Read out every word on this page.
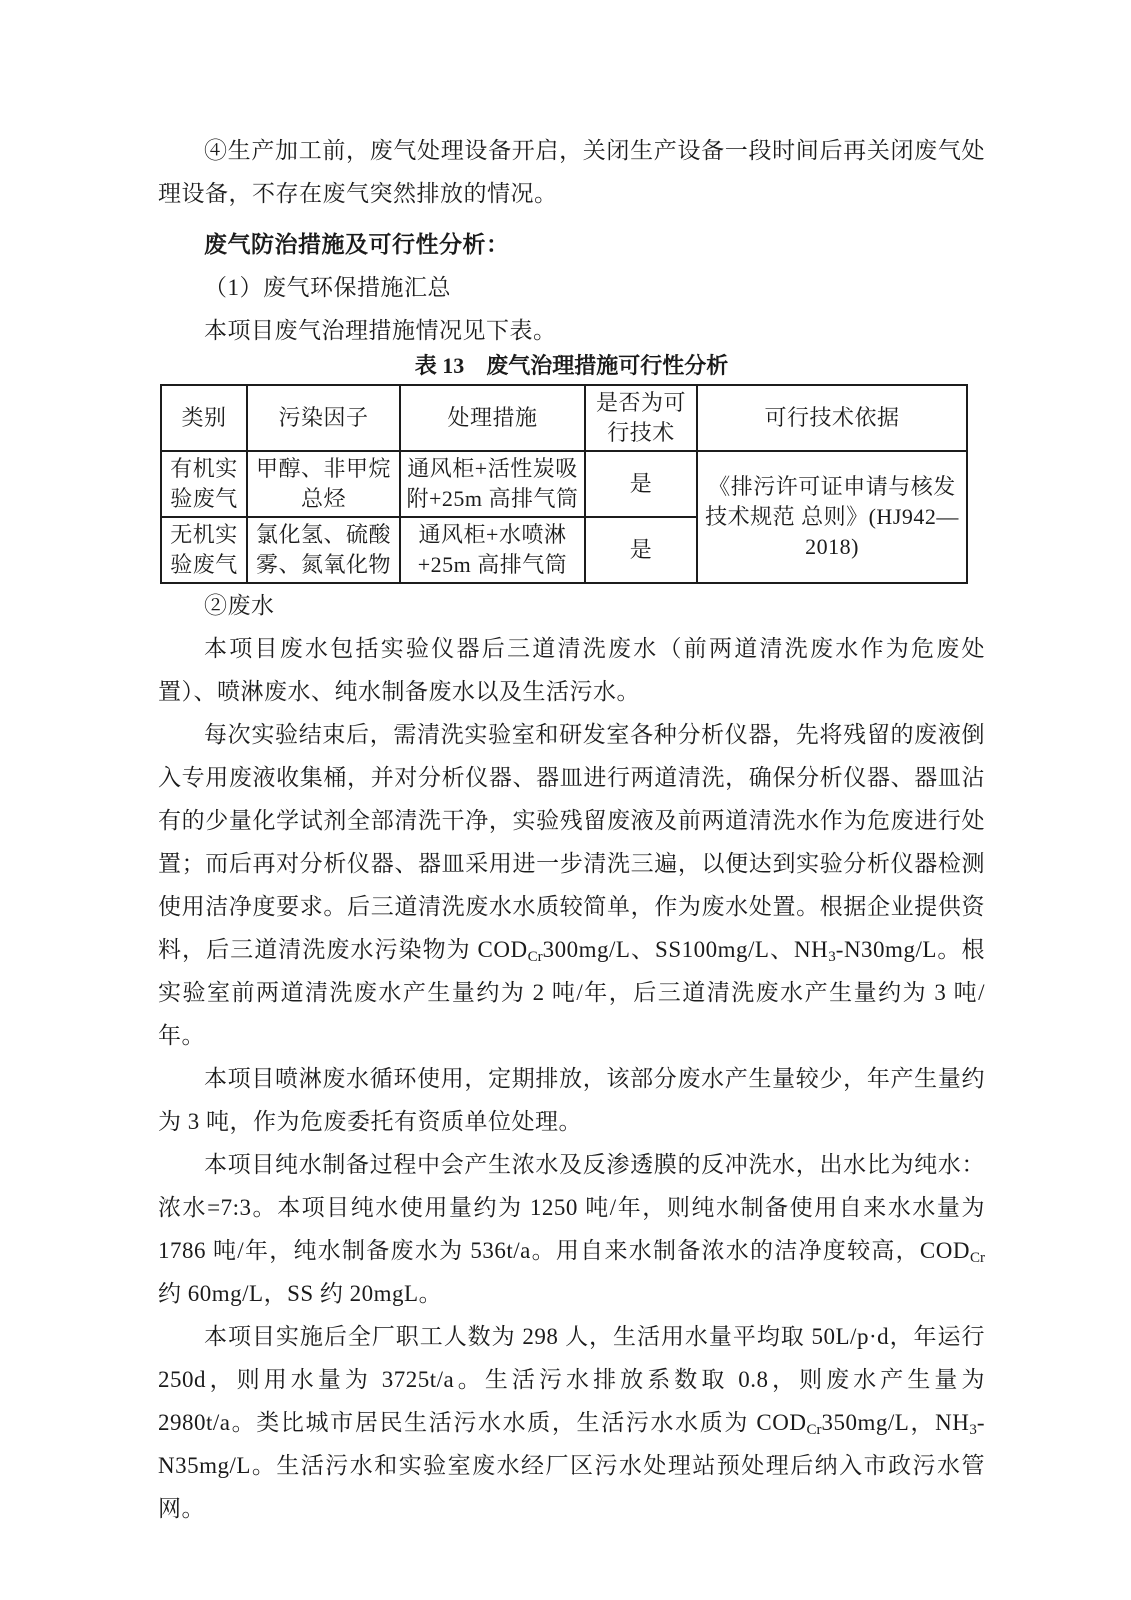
④生产加工前，废气处理设备开启，关闭生产设备一段时间后再关闭废气处理设备，不存在废气突然排放的情况。

废气防治措施及可行性分析：

（1）废气环保措施汇总

本项目废气治理措施情况见下表。

表 13　废气治理措施可行性分析

类别	污染因子	处理措施	是否为可行技术	可行技术依据
有机实验废气	甲醇、非甲烷总烃	通风柜+活性炭吸附+25m 高排气筒	是	《排污许可证申请与核发技术规范 总则》(HJ942—2018)
无机实验废气	氯化氢、硫酸雾、氮氧化物	通风柜+水喷淋+25m 高排气筒	是	

②废水

本项目废水包括实验仪器后三道清洗废水（前两道清洗废水作为危废处置）、喷淋废水、纯水制备废水以及生活污水。

每次实验结束后，需清洗实验室和研发室各种分析仪器，先将残留的废液倒入专用废液收集桶，并对分析仪器、器皿进行两道清洗，确保分析仪器、器皿沾有的少量化学试剂全部清洗干净，实验残留废液及前两道清洗水作为危废进行处置；而后再对分析仪器、器皿采用进一步清洗三遍，以便达到实验分析仪器检测使用洁净度要求。后三道清洗废水水质较简单，作为废水处置。根据企业提供资料，后三道清洗废水污染物为 $COD_{Cr}300mg/L$、SS100mg/L、$NH_3-N30mg/L$。根实验室前两道清洗废水产生量约为 2 吨/年，后三道清洗废水产生量约为 3 吨/年。

本项目喷淋废水循环使用，定期排放，该部分废水产生量较少，年产生量约为 3 吨，作为危废委托有资质单位处理。

本项目纯水制备过程中会产生浓水及反渗透膜的反冲洗水，出水比为纯水：浓水=7:3。本项目纯水使用量约为 1250 吨/年，则纯水制备使用自来水水量为 1786 吨/年，纯水制备废水为 536t/a。用自来水制备浓水的洁净度较高，$COD_{Cr}$ 约 60mg/L，SS 约 20mgL。

本项目实施后全厂职工人数为 298 人，生活用水量平均取 50L/p·d，年运行 250d，则用水量为 3725t/a。生活污水排放系数取 0.8，则废水产生量为 2980t/a。类比城市居民生活污水水质，生活污水水质为 $COD_{Cr}350mg/L$，$NH_3-N35mg/L$。生活污水和实验室废水经厂区污水处理站预处理后纳入市政污水管网。
